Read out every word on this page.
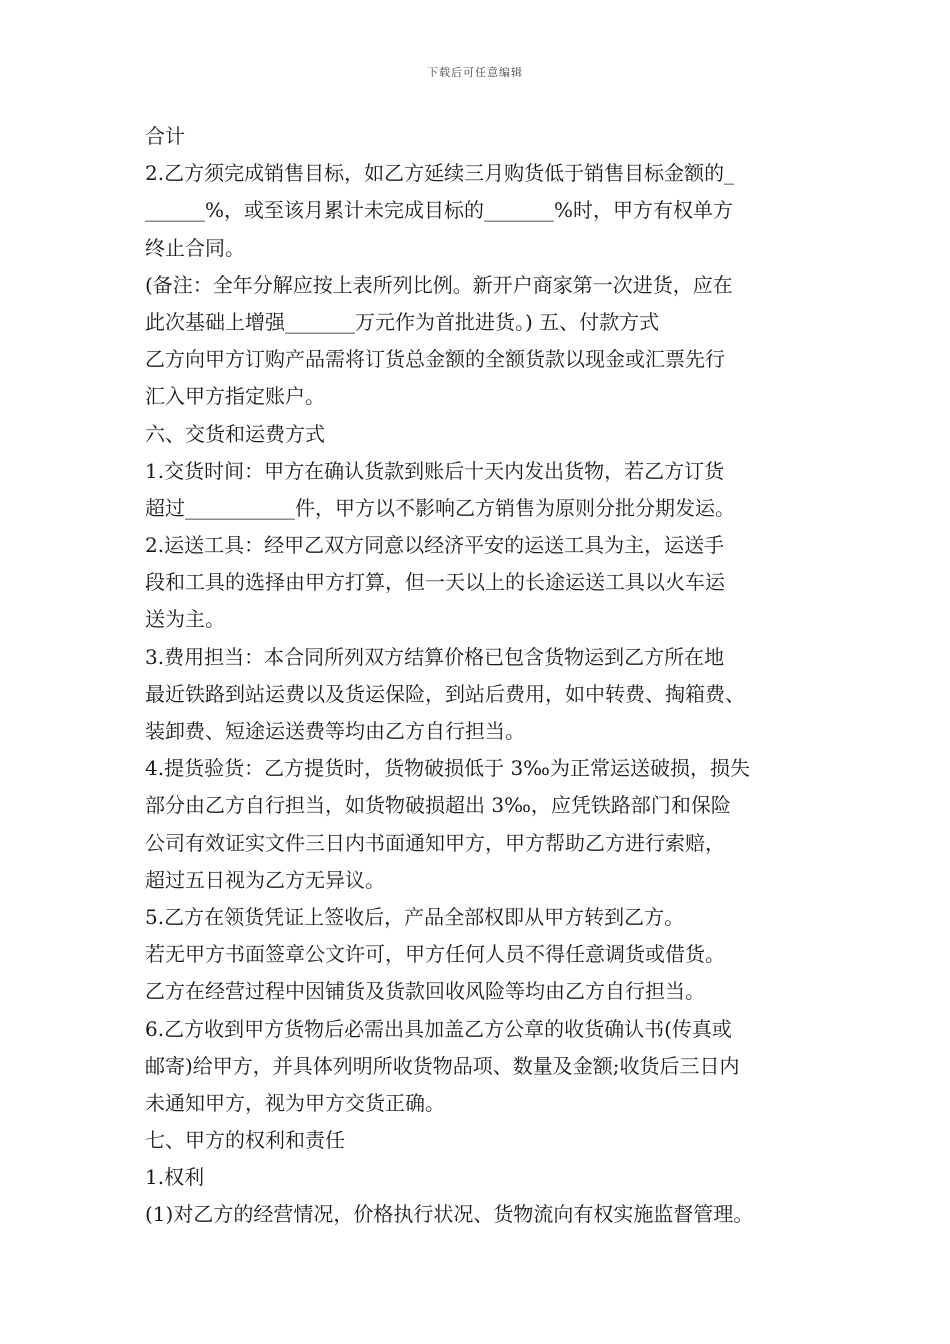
下载后可任意编辑
合计
2.乙方须完成销售目标，如乙方延续三月购货低于销售目标金额的_
______%，或至该月累计未完成目标的_______%时，甲方有权单方
终止合同。
(备注：全年分解应按上表所列比例。新开户商家第一次进货，应在
此次基础上增强_______万元作为首批进货。) 五、付款方式
乙方向甲方订购产品需将订货总金额的全额货款以现金或汇票先行
汇入甲方指定账户。
六、交货和运费方式
1.交货时间：甲方在确认货款到账后十天内发出货物，若乙方订货
超过___________件，甲方以不影响乙方销售为原则分批分期发运。
2.运送工具：经甲乙双方同意以经济平安的运送工具为主，运送手
段和工具的选择由甲方打算，但一天以上的长途运送工具以火车运
送为主。
3.费用担当：本合同所列双方结算价格已包含货物运到乙方所在地
最近铁路到站运费以及货运保险，到站后费用，如中转费、掏箱费、
装卸费、短途运送费等均由乙方自行担当。
4.提货验货：乙方提货时，货物破损低于 3‰为正常运送破损，损失
部分由乙方自行担当，如货物破损超出 3‰，应凭铁路部门和保险
公司有效证实文件三日内书面通知甲方，甲方帮助乙方进行索赔，
超过五日视为乙方无异议。
5.乙方在领货凭证上签收后，产品全部权即从甲方转到乙方。
若无甲方书面签章公文许可，甲方任何人员不得任意调货或借货。
乙方在经营过程中因铺货及货款回收风险等均由乙方自行担当。
6.乙方收到甲方货物后必需出具加盖乙方公章的收货确认书(传真或
邮寄)给甲方，并具体列明所收货物品项、数量及金额;收货后三日内
未通知甲方，视为甲方交货正确。
七、甲方的权利和责任
1.权利
(1)对乙方的经营情况，价格执行状况、货物流向有权实施监督管理。
